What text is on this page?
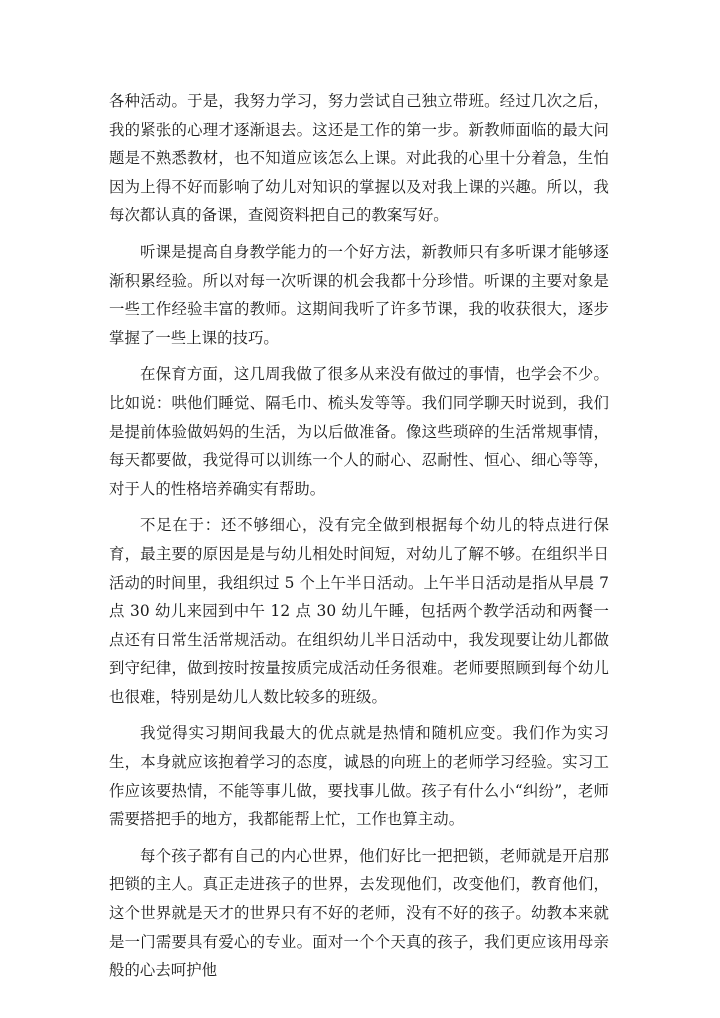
各种活动。于是，我努力学习，努力尝试自己独立带班。经过几次之后，我的紧张的心理才逐渐退去。这还是工作的第一步。新教师面临的最大问题是不熟悉教材，也不知道应该怎么上课。对此我的心里十分着急，生怕因为上得不好而影响了幼儿对知识的掌握以及对我上课的兴趣。所以，我每次都认真的备课，查阅资料把自己的教案写好。

听课是提高自身教学能力的一个好方法，新教师只有多听课才能够逐渐积累经验。所以对每一次听课的机会我都十分珍惜。听课的主要对象是一些工作经验丰富的教师。这期间我听了许多节课，我的收获很大，逐步掌握了一些上课的技巧。

在保育方面，这几周我做了很多从来没有做过的事情，也学会不少。比如说：哄他们睡觉、隔毛巾、梳头发等等。我们同学聊天时说到，我们是提前体验做妈妈的生活，为以后做准备。像这些琐碎的生活常规事情，每天都要做，我觉得可以训练一个人的耐心、忍耐性、恒心、细心等等，对于人的性格培养确实有帮助。

不足在于：还不够细心，没有完全做到根据每个幼儿的特点进行保育，最主要的原因是是与幼儿相处时间短，对幼儿了解不够。在组织半日活动的时间里，我组织过 5 个上午半日活动。上午半日活动是指从早晨 7 点 30 幼儿来园到中午 12 点 30 幼儿午睡，包括两个教学活动和两餐一点还有日常生活常规活动。在组织幼儿半日活动中，我发现要让幼儿都做到守纪律，做到按时按量按质完成活动任务很难。老师要照顾到每个幼儿也很难，特别是幼儿人数比较多的班级。

我觉得实习期间我最大的优点就是热情和随机应变。我们作为实习生，本身就应该抱着学习的态度，诚恳的向班上的老师学习经验。实习工作应该要热情，不能等事儿做，要找事儿做。孩子有什么小“纠纷”，老师需要搭把手的地方，我都能帮上忙，工作也算主动。

每个孩子都有自己的内心世界，他们好比一把把锁，老师就是开启那把锁的主人。真正走进孩子的世界，去发现他们，改变他们，教育他们，这个世界就是天才的世界只有不好的老师，没有不好的孩子。幼教本来就是一门需要具有爱心的专业。面对一个个天真的孩子，我们更应该用母亲般的心去呵护他
